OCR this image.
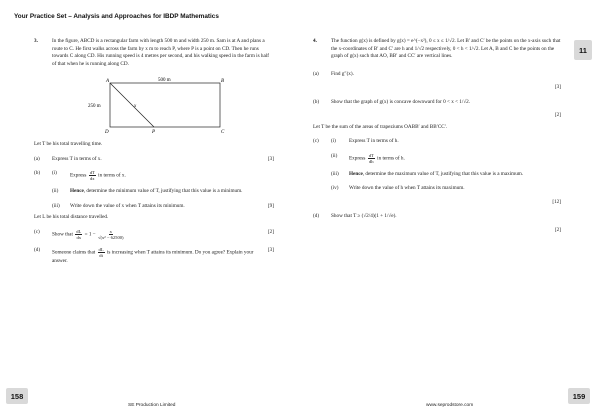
Your Practice Set – Analysis and Approaches for IBDP Mathematics
11
3.	In the figure, ABCD is a rectangular farm with length 500 m and width 250 m. Sam is at A and plans a route to C. He first walks across the farm by x m to reach P, where P is a point on CD. Then he runs towards C along CD. His running speed is 4 metres per second, and his walking speed in the farm is half of that when he is running along CD.
A	B
C
D	P
x
500 m
250 m
Let T be his total travelling time.
(a)	Express T in terms of x.	[3]
(b)	(i)	Express $\frac{dT}{dx}$ in terms of x.
(ii)	Hence, determine the minimum value of T, justifying that this value is a minimum.
(iii)	Write down the value of x when T attains its minimum.	[9]
Let L be his total distance travelled.
(c)	Show that $\frac{dL}{dx} = 1 - \frac{x}{\text{√(x² − 62500)}}$	[2]
(d)	Someone claims that $\frac{dL}{dt}$ is increasing when T attains its minimum. Do you agree? Explain your answer.
[3]
4.	The function g(x) is defined by g(x) = e^(−x²), 0 ≤ x ≤ 1/√2. Let B′ and C′ be the points on the x-axis such that the x-coordinates of B′ and C′ are h and 1/√2 respectively, 0 < h < 1/√2. Let A, B and C be the points on the graph of g(x) such that AO, BB′ and CC′ are vertical lines.
(a)	Find g″(x).
[3]
(b)	Show that the graph of g(x) is concave downward for 0 < x < 1/√2.
[2]
Let T be the sum of the areas of trapeziums OABB′ and BB′CC′.
(c)	(i)	Express T in terms of h.
(ii)	Express $\frac{dT}{dh}$ in terms of h.
(iii)	Hence, determine the maximum value of T, justifying that this value is a maximum.
(iv)	Write down the value of h when T attains its maximum.
[12]
(d)	Show that T ≥ (√2/4)(1 + 1/√e).
[2]
158	159
SE Production Limited	www.seprodstore.com
